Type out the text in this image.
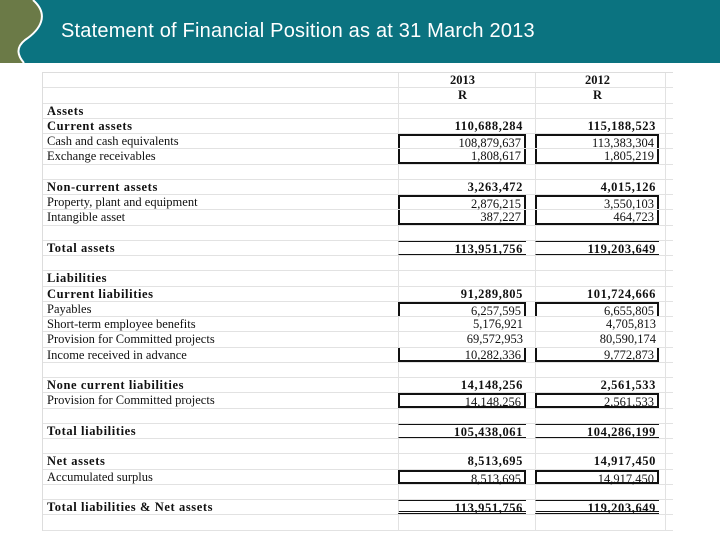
Statement of Financial Position as at 31 March 2013
2013	2012
R	R
Assets
Current assets	110,688,284	115,188,523
Cash and cash equivalents	108,879,637	113,383,304
Exchange receivables	1,808,617	1,805,219
Non-current assets	3,263,472	4,015,126
Property, plant and equipment	2,876,215	3,550,103
Intangible asset	387,227	464,723
Total assets	113,951,756	119,203,649
Liabilities
Current liabilities	91,289,805	101,724,666
Payables	6,257,595	6,655,805
Short-term employee benefits	5,176,921	4,705,813
Provision for Committed projects	69,572,953	80,590,174
Income received in advance	10,282,336	9,772,873
None current liabilities	14,148,256	2,561,533
Provision for Committed projects	14,148,256	2,561,533
Total liabilities	105,438,061	104,286,199
Net assets	8,513,695	14,917,450
Accumulated surplus	8,513,695	14,917,450
Total liabilities & Net assets	113,951,756	119,203,649
